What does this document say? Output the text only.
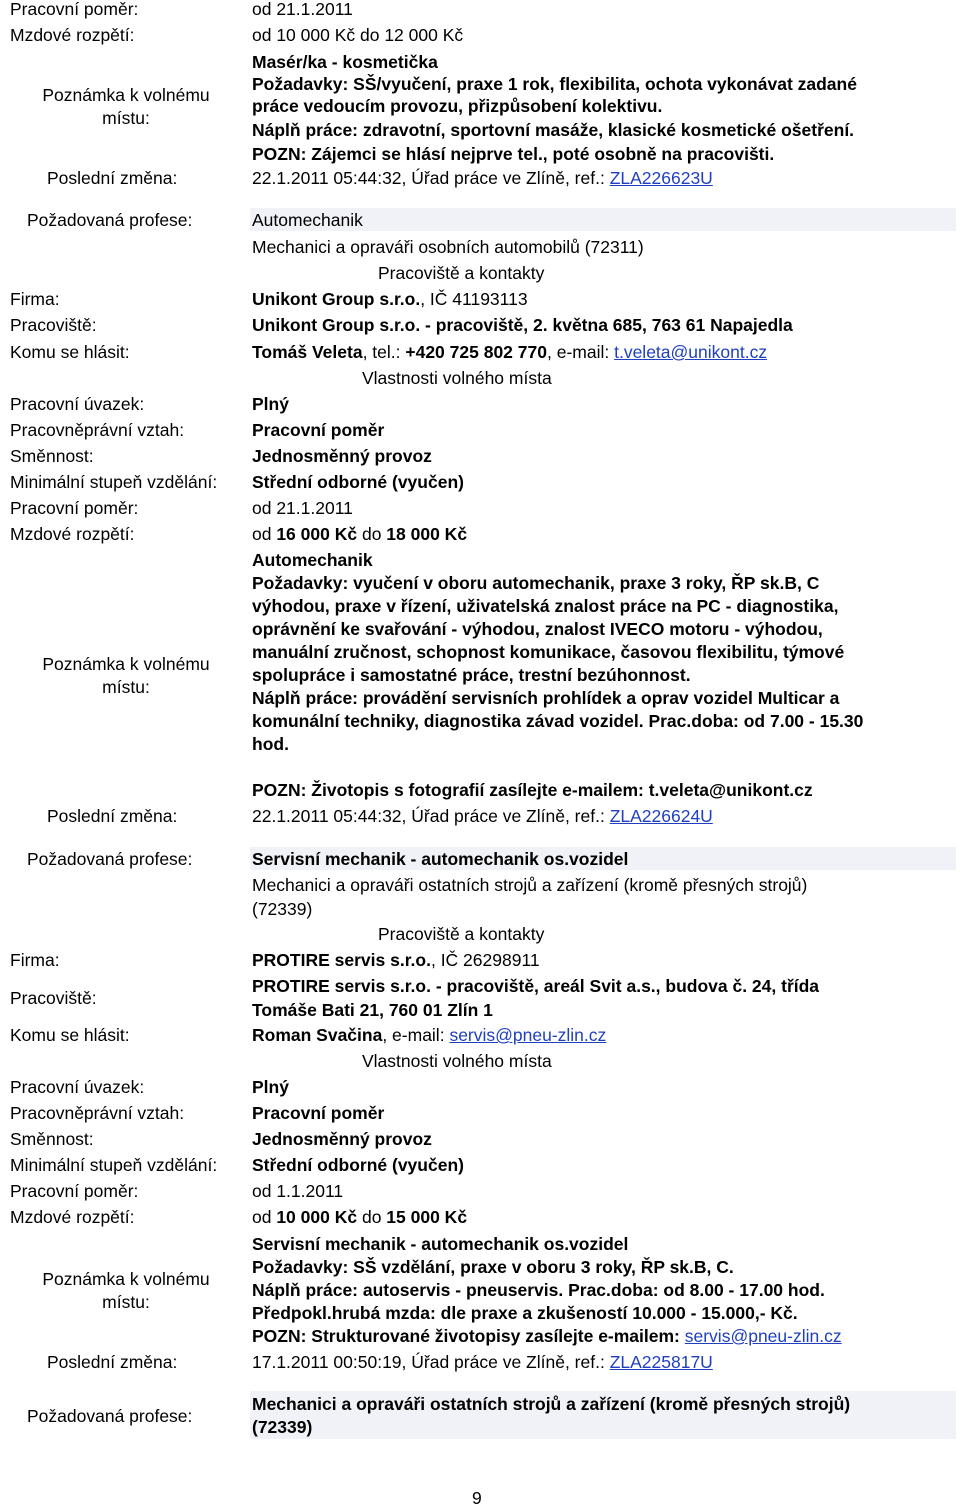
Pracovní poměr:	od 21.1.2011
Mzdové rozpětí:	od 10 000 Kč do 12 000 Kč
Poznámka k volnému
místu:
Masér/ka - kosmetička
Požadavky: SŠ/vyučení, praxe 1 rok, flexibilita, ochota vykonávat zadané
práce vedoucím provozu, přizpůsobení kolektivu.
Náplň práce: zdravotní, sportovní masáže, klasické kosmetické ošetření.
POZN: Zájemci se hlásí nejprve tel., poté osobně na pracovišti.
Poslední změna:	22.1.2011 05:44:32, Úřad práce ve Zlíně, ref.: ZLA226623U
Požadovaná profese:	Automechanik
Mechanici a opraváři osobních automobilů (72311)
Pracoviště a kontakty
Firma:	Unikont Group s.r.o., IČ 41193113
Pracoviště:	Unikont Group s.r.o. - pracoviště, 2. května 685, 763 61 Napajedla
Komu se hlásit:	Tomáš Veleta, tel.: +420 725 802 770, e-mail: t.veleta@unikont.cz
Vlastnosti volného místa
Pracovní úvazek:	Plný
Pracovněprávní vztah:	Pracovní poměr
Směnnost:	Jednosměnný provoz
Minimální stupeň vzdělání: Střední odborné (vyučen)
Pracovní poměr:	od 21.1.2011
Mzdové rozpětí:	od 16 000 Kč do 18 000 Kč
Poznámka k volnému
místu:
Automechanik
Požadavky: vyučení v oboru automechanik, praxe 3 roky, ŘP sk.B, C
výhodou, praxe v řízení, uživatelská znalost práce na PC - diagnostika,
oprávnění ke svařování - výhodou, znalost IVECO motoru - výhodou,
manuální zručnost, schopnost komunikace, časovou flexibilitu, týmové
spolupráce i samostatné práce, trestní bezúhonnost.
Náplň práce: provádění servisních prohlídek a oprav vozidel Multicar a
komunální techniky, diagnostika závad vozidel. Prac.doba: od 7.00 - 15.30
hod.
POZN: Životopis s fotografií zasílejte e-mailem: t.veleta@unikont.cz
Poslední změna:	22.1.2011 05:44:32, Úřad práce ve Zlíně, ref.: ZLA226624U
Požadovaná profese:	Servisní mechanik - automechanik os.vozidel
Mechanici a opraváři ostatních strojů a zařízení (kromě přesných strojů)
(72339)
Pracoviště a kontakty
Firma:	PROTIRE servis s.r.o., IČ 26298911
Pracoviště:
PROTIRE servis s.r.o. - pracoviště, areál Svit a.s., budova č. 24, třída
Tomáše Bati 21, 760 01 Zlín 1
Komu se hlásit:	Roman Svačina, e-mail: servis@pneu-zlin.cz
Vlastnosti volného místa
Pracovní úvazek:	Plný
Pracovněprávní vztah:	Pracovní poměr
Směnnost:	Jednosměnný provoz
Minimální stupeň vzdělání: Střední odborné (vyučen)
Pracovní poměr:	od 1.1.2011
Mzdové rozpětí:	od 10 000 Kč do 15 000 Kč
Poznámka k volnému
místu:
Servisní mechanik - automechanik os.vozidel
Požadavky: SŠ vzdělání, praxe v oboru 3 roky, ŘP sk.B, C.
Náplň práce: autoservis - pneuservis. Prac.doba: od 8.00 - 17.00 hod.
Předpokl.hrubá mzda: dle praxe a zkušeností 10.000 - 15.000,- Kč.
POZN: Strukturované životopisy zasílejte e-mailem: servis@pneu-zlin.cz
Poslední změna:	17.1.2011 00:50:19, Úřad práce ve Zlíně, ref.: ZLA225817U
Požadovaná profese:
Mechanici a opraváři ostatních strojů a zařízení (kromě přesných strojů)
(72339)
9
